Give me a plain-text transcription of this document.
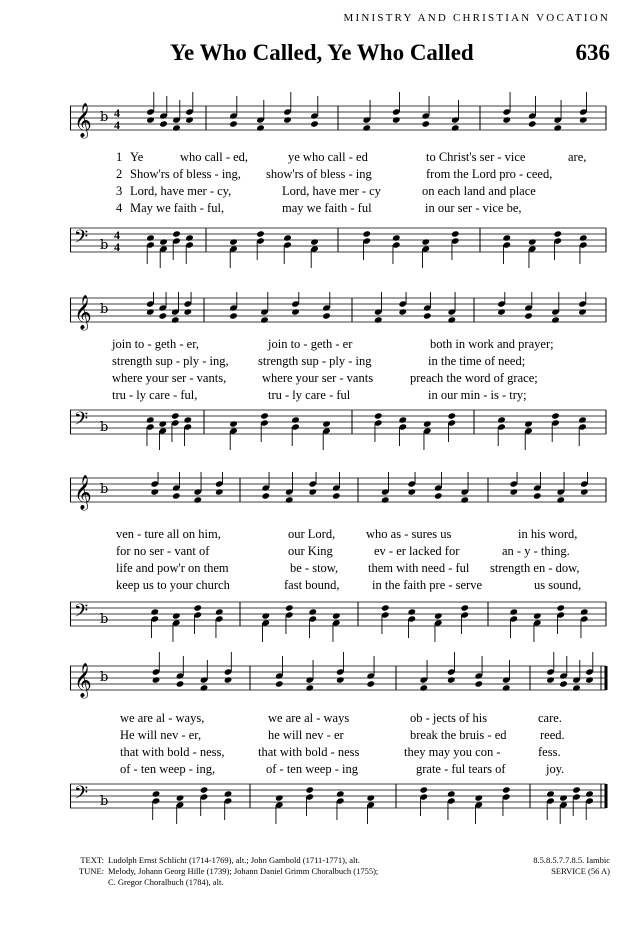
MINISTRY AND CHRISTIAN VOCATION
Ye Who Called, Ye Who Called	636
𝄞 b 4
4
𝄢 b
4
4
1 Ye	who call - ed,	ye who call - ed	to Christ's ser - vice	are,
2 Show'rs of bless - ing, show'rs of bless - ing	from the Lord pro - ceed,
3 Lord, have mer - cy,	Lord, have mer - cy	on each land and place
4 May we faith - ful,	may we faith - ful	in our ser - vice be,
𝄞 b
𝄢 b
join to - geth - er,	join to - geth - er	both in work and prayer;
strength sup - ply - ing, strength sup - ply - ing	in the time of need;
where your ser - vants,	where your ser - vants	preach the word of grace;
tru - ly care - ful,	tru - ly care - ful	in our min - is - try;
𝄞 b
𝄢 b
ven - ture all on him,	our Lord, who as - sures us	in his word,
for no ser - vant of	our King	ev - er lacked for	an - y - thing.
life and pow'r on them	be - stow, them with need - ful strength en - dow,
keep us to your church	fast bound,	in the faith pre - serve	us sound,
𝄞 b
𝄢 b
we are al - ways,	we are al - ways	ob - jects of his	care.
He will nev - er,	he will nev - er	break the bruis - ed	reed.
that with bold - ness,	that with bold - ness	they may you con -	fess.
of - ten weep - ing,	of - ten weep - ing	grate - ful tears of	joy.
TEXT: Ludolph Ernst Schlicht (1714-1769), alt.; John Gambold (1711-1771), alt.	8.5.8.5.7.7.8.5. Iambic
TUNE: Melody, Johann Georg Hille (1739); Johann Daniel Grimm Choralbuch (1755);	SERVICE (56 A)
C. Gregor Choralbuch (1784), alt.
